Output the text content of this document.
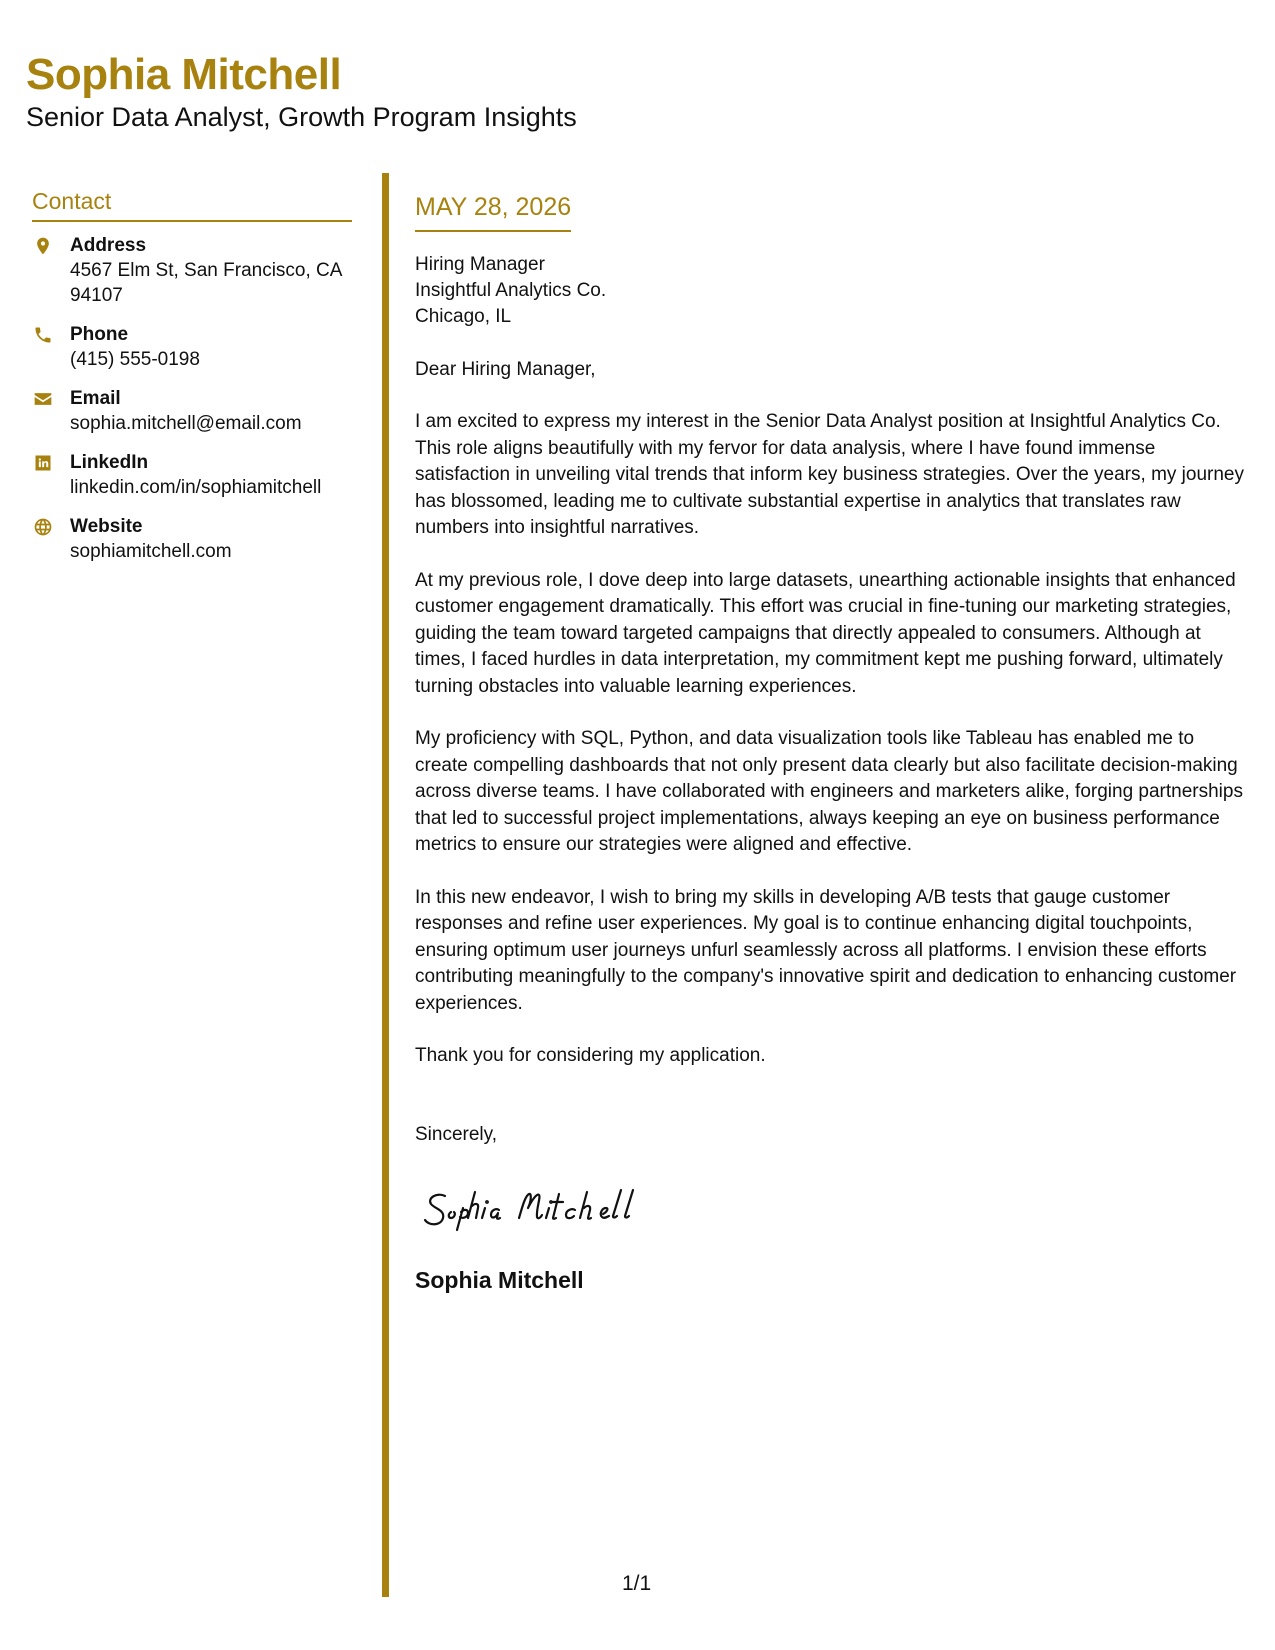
Sophia Mitchell
Senior Data Analyst, Growth Program Insights
Contact
Address
4567 Elm St, San Francisco, CA 94107
Phone
(415) 555-0198
Email
sophia.mitchell@email.com
LinkedIn
linkedin.com/in/sophiamitchell
Website
sophiamitchell.com
MAY 28, 2026
Hiring Manager
Insightful Analytics Co.
Chicago, IL
Dear Hiring Manager,

I am excited to express my interest in the Senior Data Analyst position at Insightful Analytics Co. This role aligns beautifully with my fervor for data analysis, where I have found immense satisfaction in unveiling vital trends that inform key business strategies. Over the years, my journey has blossomed, leading me to cultivate substantial expertise in analytics that translates raw numbers into insightful narratives.

At my previous role, I dove deep into large datasets, unearthing actionable insights that enhanced customer engagement dramatically. This effort was crucial in fine-tuning our marketing strategies, guiding the team toward targeted campaigns that directly appealed to consumers. Although at times, I faced hurdles in data interpretation, my commitment kept me pushing forward, ultimately turning obstacles into valuable learning experiences.

My proficiency with SQL, Python, and data visualization tools like Tableau has enabled me to create compelling dashboards that not only present data clearly but also facilitate decision-making across diverse teams. I have collaborated with engineers and marketers alike, forging partnerships that led to successful project implementations, always keeping an eye on business performance metrics to ensure our strategies were aligned and effective.

In this new endeavor, I wish to bring my skills in developing A/B tests that gauge customer responses and refine user experiences. My goal is to continue enhancing digital touchpoints, ensuring optimum user journeys unfurl seamlessly across all platforms. I envision these efforts contributing meaningfully to the company's innovative spirit and dedication to enhancing customer experiences.

Thank you for considering my application.

Sincerely,
Sophia Mitchell
1/1
